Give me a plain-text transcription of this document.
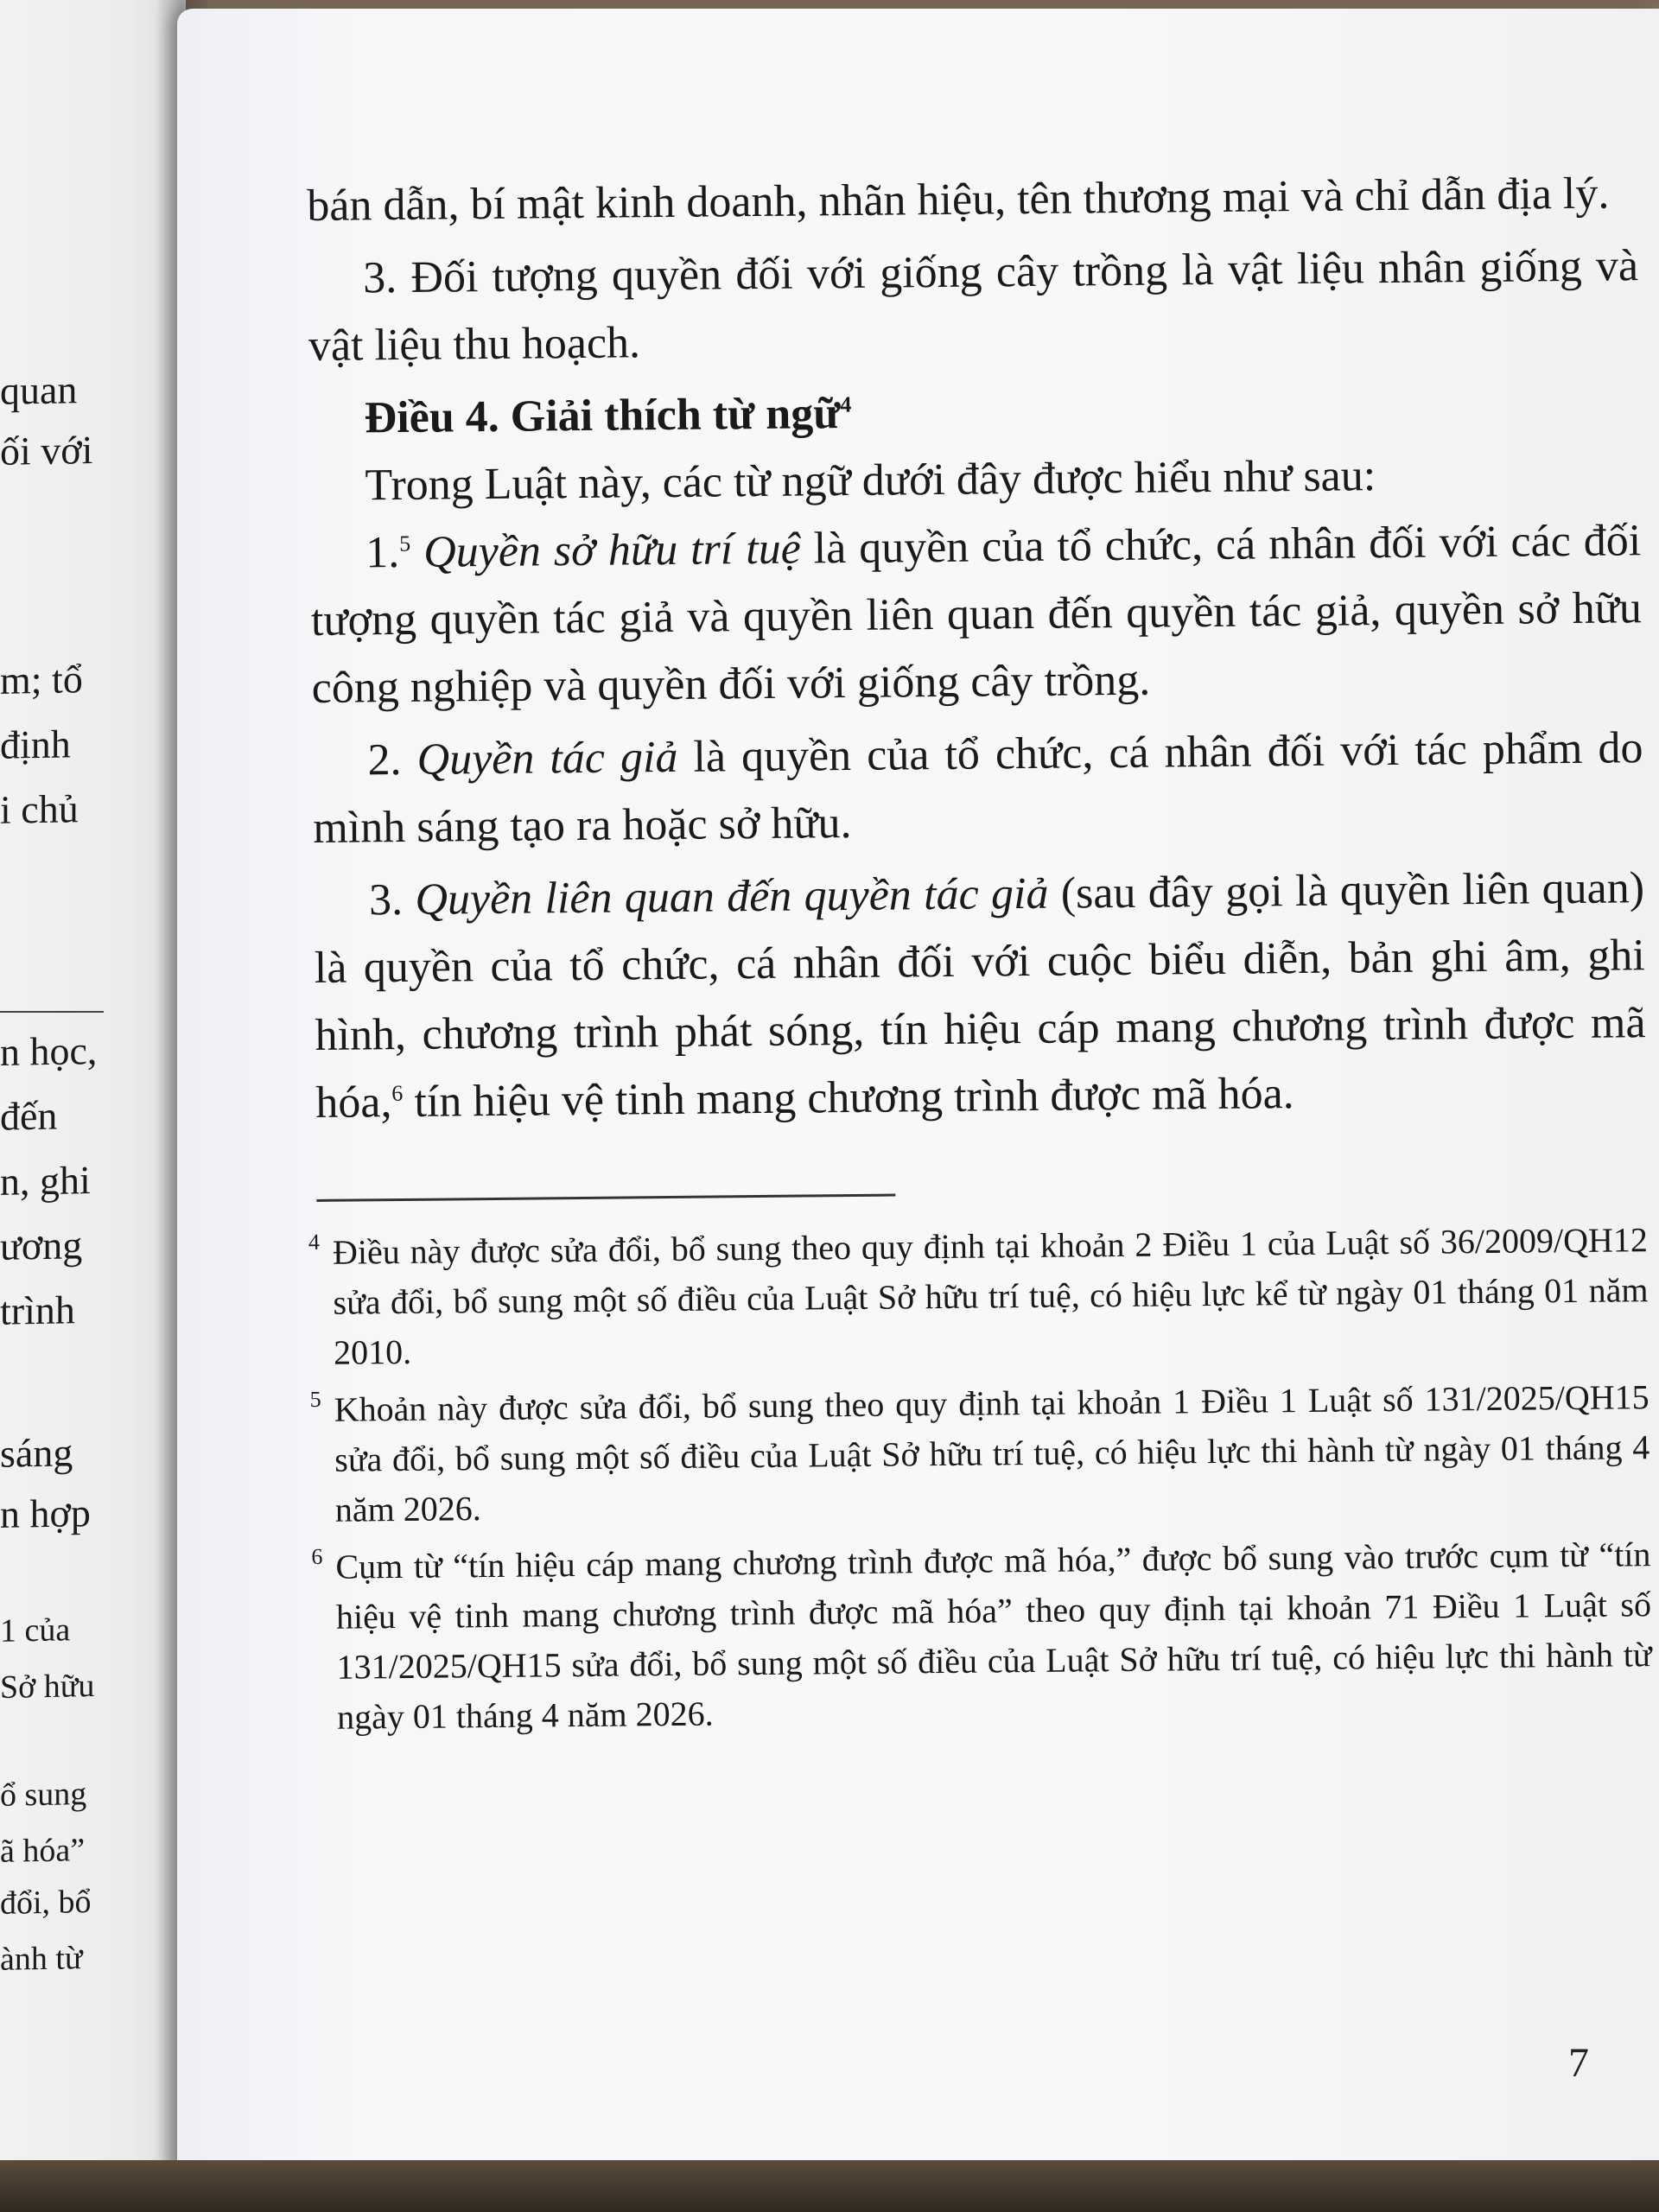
quan
ối với
m; tổ
định
i chủ
n học,
đến
n, ghi
ương
trình
sáng
n hợp
1 của
Sở hữu
ổ sung
ã hóa”
đổi, bổ
ành từ

bán dẫn, bí mật kinh doanh, nhãn hiệu, tên thương mại và chỉ dẫn địa lý.

3. Đối tượng quyền đối với giống cây trồng là vật liệu nhân giống và vật liệu thu hoạch.

Điều 4. Giải thích từ ngữ$^4$

Trong Luật này, các từ ngữ dưới đây được hiểu như sau:

1.$^5$ Quyền sở hữu trí tuệ là quyền của tổ chức, cá nhân đối với các đối tượng quyền tác giả và quyền liên quan đến quyền tác giả, quyền sở hữu công nghiệp và quyền đối với giống cây trồng.

2. Quyền tác giả là quyền của tổ chức, cá nhân đối với tác phẩm do mình sáng tạo ra hoặc sở hữu.

3. Quyền liên quan đến quyền tác giả (sau đây gọi là quyền liên quan) là quyền của tổ chức, cá nhân đối với cuộc biểu diễn, bản ghi âm, ghi hình, chương trình phát sóng, tín hiệu cáp mang chương trình được mã hóa,$^6$ tín hiệu vệ tinh mang chương trình được mã hóa.

4 Điều này được sửa đổi, bổ sung theo quy định tại khoản 2 Điều 1 của Luật số 36/2009/QH12 sửa đổi, bổ sung một số điều của Luật Sở hữu trí tuệ, có hiệu lực kể từ ngày 01 tháng 01 năm 2010.

5 Khoản này được sửa đổi, bổ sung theo quy định tại khoản 1 Điều 1 Luật số 131/2025/QH15 sửa đổi, bổ sung một số điều của Luật Sở hữu trí tuệ, có hiệu lực thi hành từ ngày 01 tháng 4 năm 2026.

6 Cụm từ “tín hiệu cáp mang chương trình được mã hóa,” được bổ sung vào trước cụm từ “tín hiệu vệ tinh mang chương trình được mã hóa” theo quy định tại khoản 71 Điều 1 Luật số 131/2025/QH15 sửa đổi, bổ sung một số điều của Luật Sở hữu trí tuệ, có hiệu lực thi hành từ ngày 01 tháng 4 năm 2026.

7
